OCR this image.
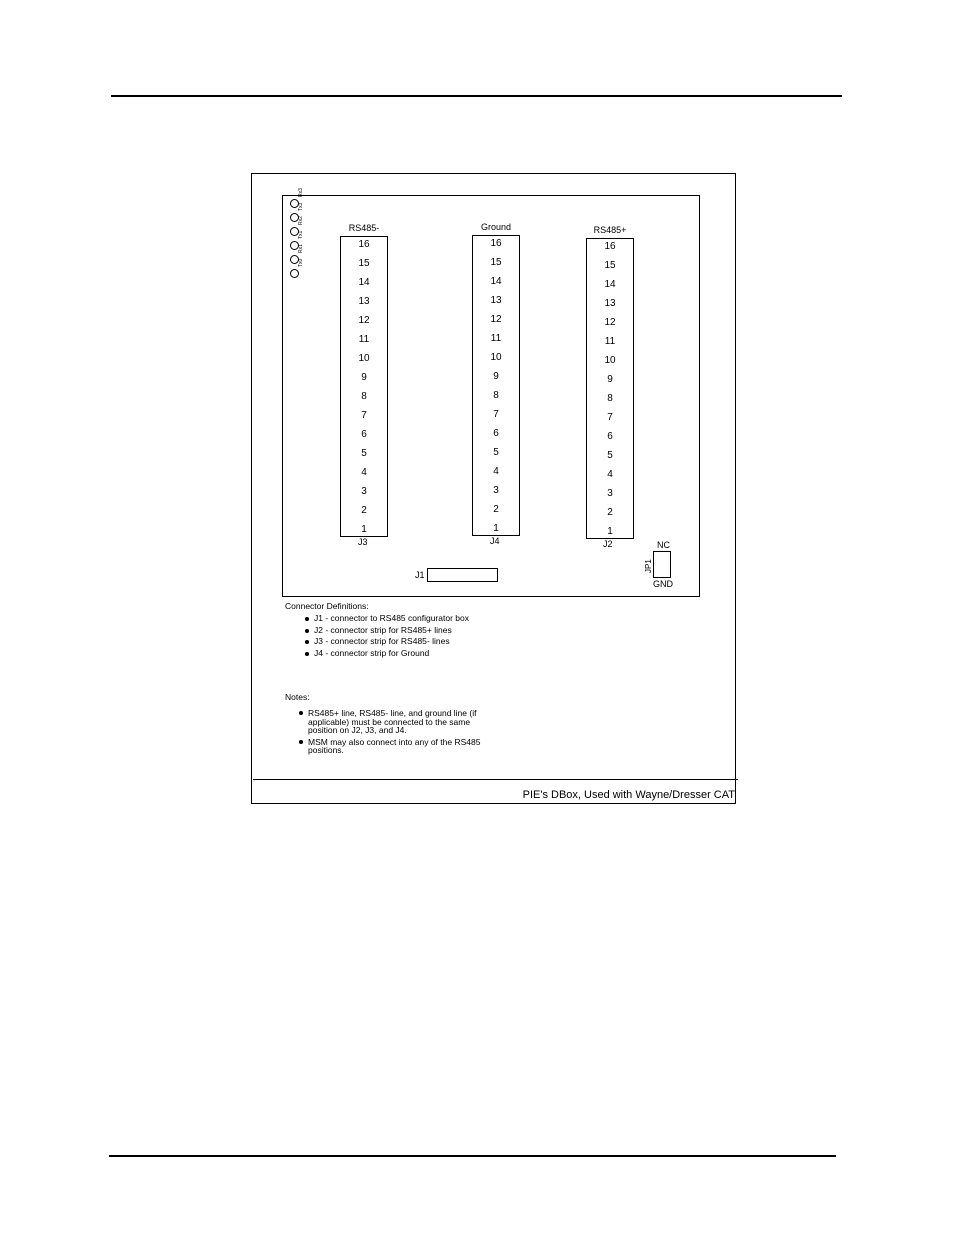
Rx3
Tx3
Rx2
Tx1
Rx1
Tx0
RS485-
16
15
14
13
12
11
10
9
8
7
6
5
4
3
2
1
J3
Ground
16
15
14
13
12
11
10
9
8
7
6
5
4
3
2
1
J4
RS485+
16
15
14
13
12
11
10
9
8
7
6
5
4
3
2
1
J2
J1
NC
JP1
GND
Connector Definitions:
J1 - connector to RS485 configurator box
J2 - connector strip for RS485+ lines
J3 - connector strip for RS485- lines
J4 - connector strip for Ground
Notes:
RS485+ line, RS485- line, and ground line (if applicable) must be connected to the same position on J2, J3, and J4.
MSM may also connect into any of the RS485 positions.
PIE's DBox, Used with Wayne/Dresser CAT
